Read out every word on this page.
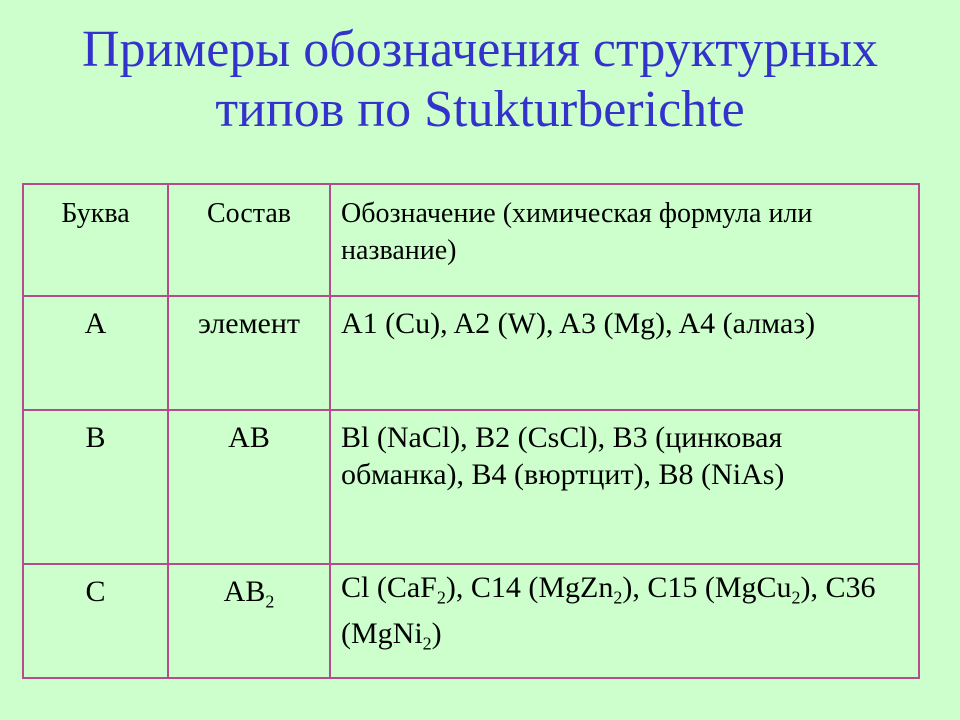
Примеры обозначения структурных
типов по Stukturberichte
Буква	Состав	Обозначение (химическая формула или название)
A	элемент	A1 (Cu), A2 (W), A3 (Mg), A4 (алмаз)
B	AB	Bl (NaCl), B2 (CsCl), B3 (цинковая обманка), B4 (вюртцит), B8 (NiAs)
C	$AB_2$	Cl (CaF$_2$), C14 (MgZn$_2$), C15 (MgCu$_2$), C36 (MgNi$_2$)
